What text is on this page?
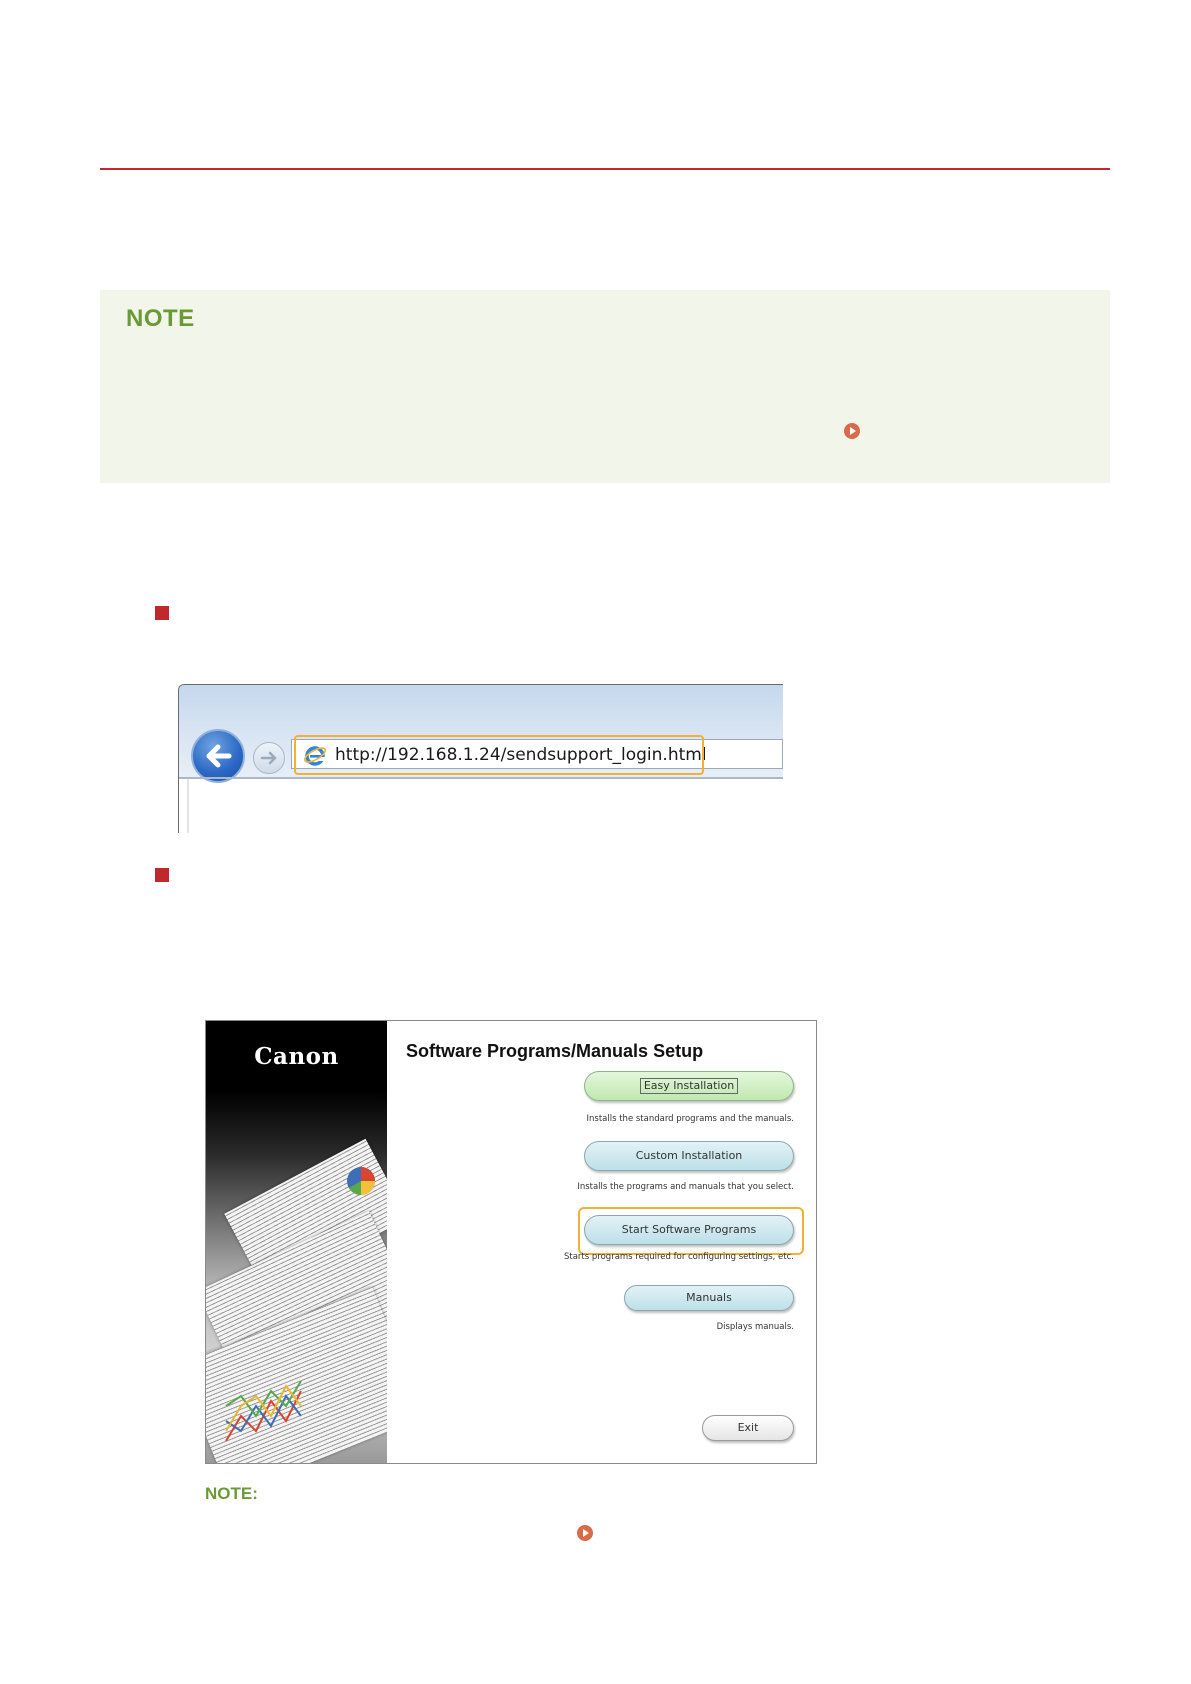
NOTE
http://192.168.1.24/sendsupport_login.html
Canon	Software Programs/Manuals Setup
Easy Installation
Installs the standard programs and the manuals.
Custom Installation
Installs the programs and manuals that you select.
Start Software Programs
Starts programs required for configuring settings, etc.
Manuals
Displays manuals.
Exit
NOTE:
